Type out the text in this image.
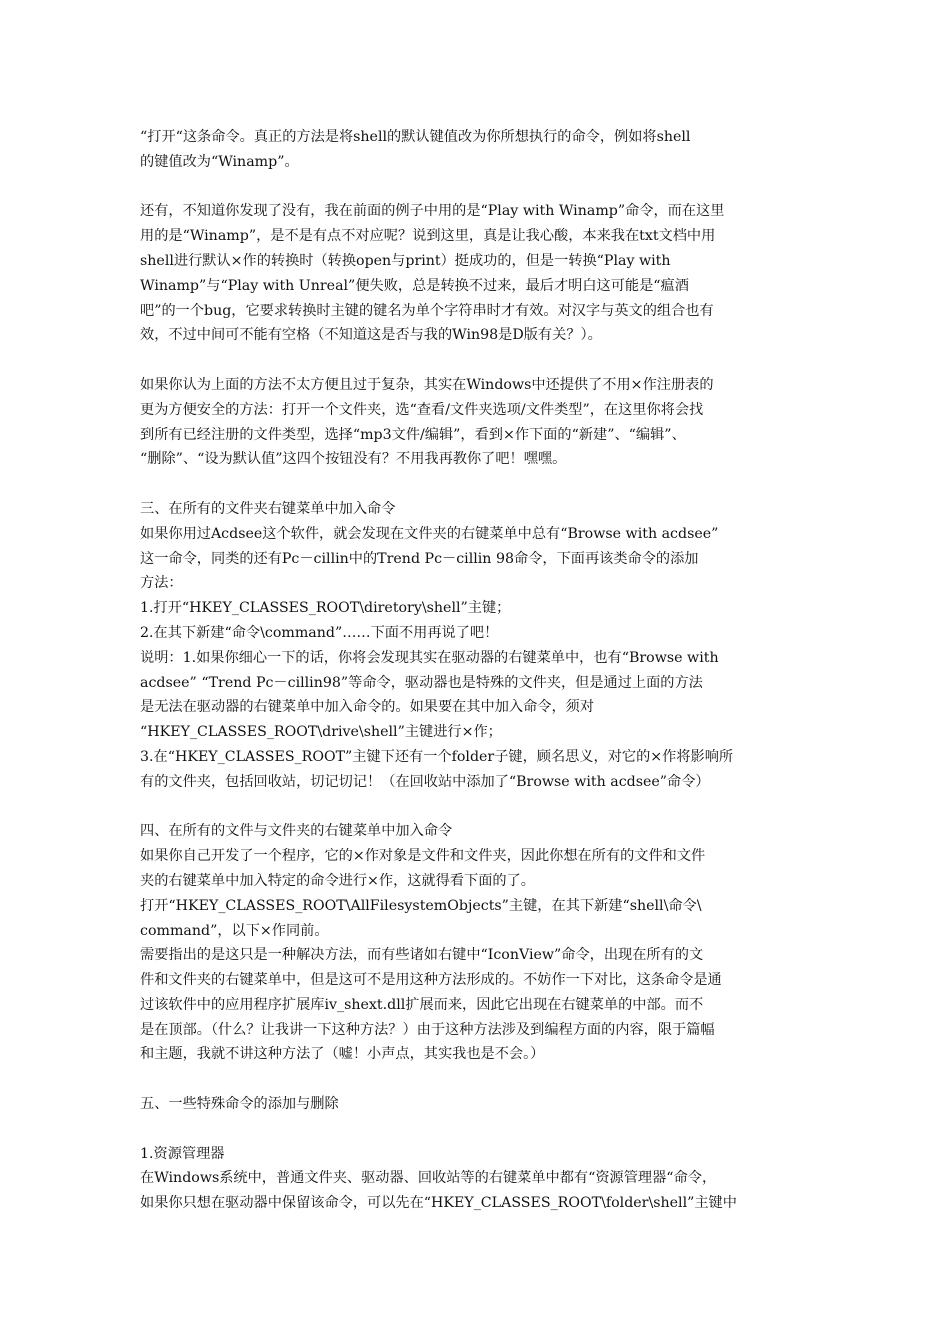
“打开“这条命令。真正的方法是将shell的默认键值改为你所想执行的命令，例如将shell
的键值改为“Winamp”。
还有，不知道你发现了没有，我在前面的例子中用的是“Play with Winamp”命令，而在这里
用的是“Winamp”，是不是有点不对应呢？说到这里，真是让我心酸，本来我在txt文档中用
shell进行默认×作的转换时（转换open与print）挺成功的，但是一转换“Play with
Winamp”与“Play with Unreal”便失败，总是转换不过来，最后才明白这可能是“瘟酒
吧”的一个bug，它要求转换时主键的键名为单个字符串时才有效。对汉字与英文的组合也有
效，不过中间可不能有空格（不知道这是否与我的Win98是D版有关？）。
如果你认为上面的方法不太方便且过于复杂，其实在Windows中还提供了不用×作注册表的
更为方便安全的方法：打开一个文件夹，选“查看/文件夹选项/文件类型”，在这里你将会找
到所有已经注册的文件类型，选择“mp3文件/编辑”，看到×作下面的“新建”、“编辑”、
“删除”、“设为默认值”这四个按钮没有？不用我再教你了吧！嘿嘿。
三、在所有的文件夹右键菜单中加入命令
如果你用过Acdsee这个软件，就会发现在文件夹的右键菜单中总有“Browse with acdsee”
这一命令，同类的还有Pc－cillin中的Trend Pc－cillin 98命令，下面再该类命令的添加
方法：
1.打开“HKEY_CLASSES_ROOT\diretory\shell”主键；
2.在其下新建“命令\command”……下面不用再说了吧！
说明：1.如果你细心一下的话，你将会发现其实在驱动器的右键菜单中，也有“Browse with
acdsee” “Trend Pc－cillin98”等命令，驱动器也是特殊的文件夹，但是通过上面的方法
是无法在驱动器的右键菜单中加入命令的。如果要在其中加入命令，须对
“HKEY_CLASSES_ROOT\drive\shell”主键进行×作；
3.在“HKEY_CLASSES_ROOT”主键下还有一个folder子键，顾名思义，对它的×作将影响所
有的文件夹，包括回收站，切记切记！（在回收站中添加了“Browse with acdsee”命令）
四、在所有的文件与文件夹的右键菜单中加入命令
如果你自己开发了一个程序，它的×作对象是文件和文件夹，因此你想在所有的文件和文件
夹的右键菜单中加入特定的命令进行×作，这就得看下面的了。
打开“HKEY_CLASSES_ROOT\AllFilesystemObjects”主键，在其下新建“shell\命令\
command”，以下×作同前。
需要指出的是这只是一种解决方法，而有些诸如右键中“IconView”命令，出现在所有的文
件和文件夹的右键菜单中，但是这可不是用这种方法形成的。不妨作一下对比，这条命令是通
过该软件中的应用程序扩展库iv_shext.dll扩展而来，因此它出现在右键菜单的中部。而不
是在顶部。（什么？让我讲一下这种方法？）由于这种方法涉及到编程方面的内容，限于篇幅
和主题，我就不讲这种方法了（嘘！小声点，其实我也是不会。）
五、一些特殊命令的添加与删除
1.资源管理器
在Windows系统中，普通文件夹、驱动器、回收站等的右键菜单中都有“资源管理器“命令，
如果你只想在驱动器中保留该命令，可以先在“HKEY_CLASSES_ROOT\folder\shell”主键中
